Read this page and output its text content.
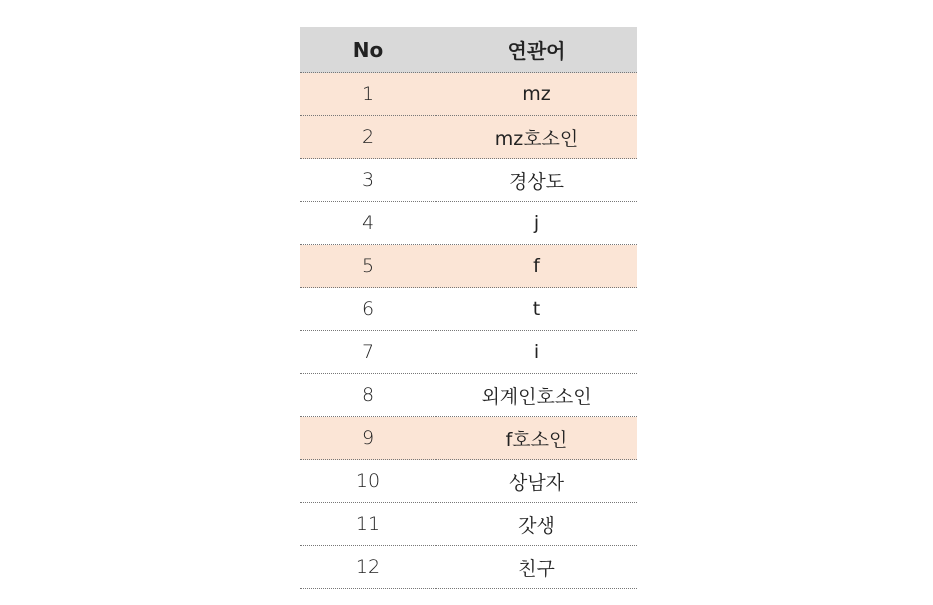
No	연관어
1	mz
2	mz호소인
3	경상도
4	j
5	f
6	t
7	i
8	외계인호소인
9	f호소인
10	상남자
11	갓생
12	친구
